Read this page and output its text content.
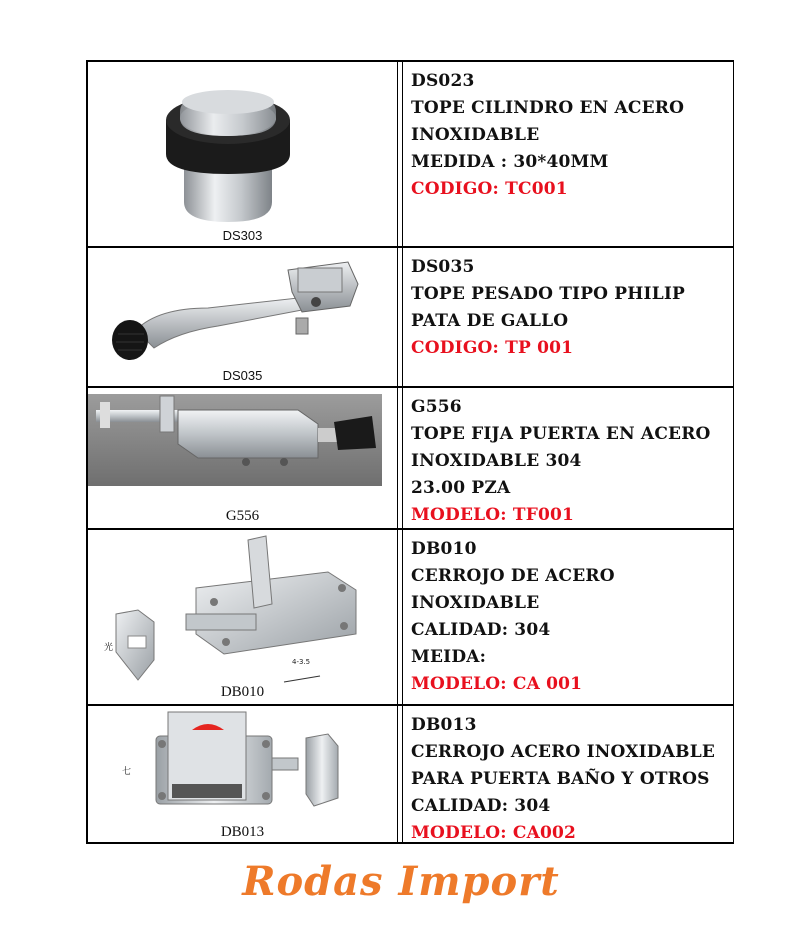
DS303
DS023
TOPE CILINDRO EN ACERO
INOXIDABLE
MEDIDA : 30*40MM
CODIGO: TC001
DS035
DS035
TOPE PESADO TIPO PHILIP
PATA DE GALLO
CODIGO: TP 001
G556
G556
TOPE FIJA PUERTA EN ACERO
INOXIDABLE 304
23.00 PZA
MODELO: TF001
光
4-3.5
DB010
DB010
CERROJO DE ACERO
INOXIDABLE
CALIDAD: 304
MEIDA:
MODELO: CA 001
七
DB013
DB013
CERROJO ACERO INOXIDABLE
PARA PUERTA BAÑO Y OTROS
CALIDAD: 304
MODELO: CA002
Rodas Import
